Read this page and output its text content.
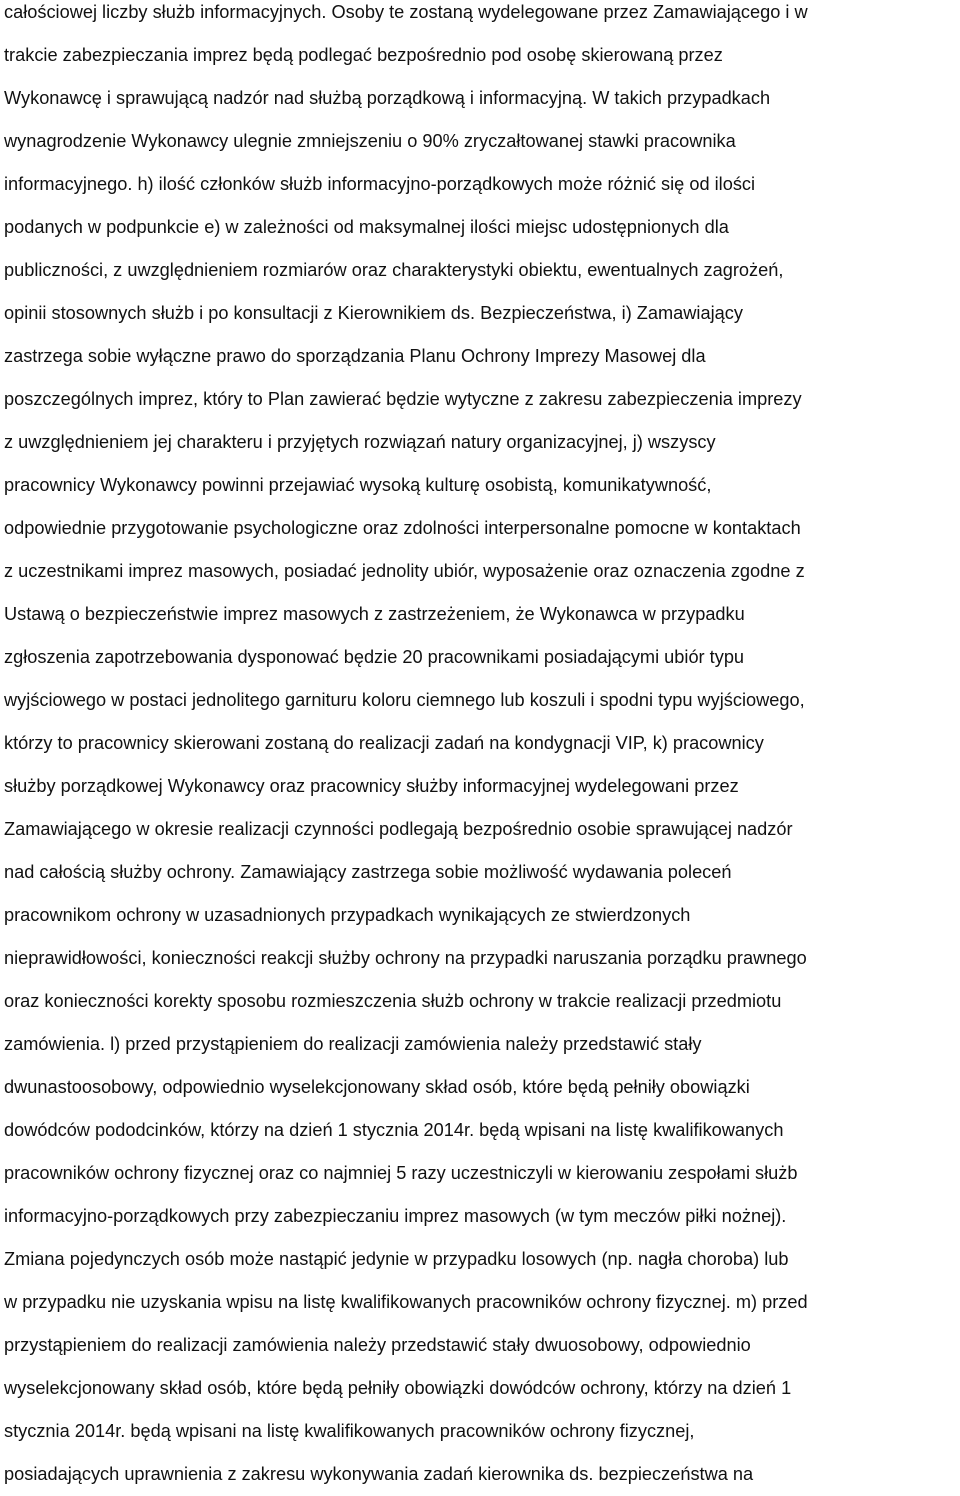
całościowej liczby służb informacyjnych. Osoby te zostaną wydelegowane przez Zamawiającego i w
trakcie zabezpieczania imprez będą podlegać bezpośrednio pod osobę skierowaną przez
Wykonawcę i sprawującą nadzór nad służbą porządkową i informacyjną. W takich przypadkach
wynagrodzenie Wykonawcy ulegnie zmniejszeniu o 90% zryczałtowanej stawki pracownika
informacyjnego. h) ilość członków służb informacyjno-porządkowych może różnić się od ilości
podanych w podpunkcie e) w zależności od maksymalnej ilości miejsc udostępnionych dla
publiczności, z uwzględnieniem rozmiarów oraz charakterystyki obiektu, ewentualnych zagrożeń,
opinii stosownych służb i po konsultacji z Kierownikiem ds. Bezpieczeństwa, i) Zamawiający
zastrzega sobie wyłączne prawo do sporządzania Planu Ochrony Imprezy Masowej dla
poszczególnych imprez, który to Plan zawierać będzie wytyczne z zakresu zabezpieczenia imprezy
z uwzględnieniem jej charakteru i przyjętych rozwiązań natury organizacyjnej, j) wszyscy
pracownicy Wykonawcy powinni przejawiać wysoką kulturę osobistą, komunikatywność,
odpowiednie przygotowanie psychologiczne oraz zdolności interpersonalne pomocne w kontaktach
z uczestnikami imprez masowych, posiadać jednolity ubiór, wyposażenie oraz oznaczenia zgodne z
Ustawą o bezpieczeństwie imprez masowych z zastrzeżeniem, że Wykonawca w przypadku
zgłoszenia zapotrzebowania dysponować będzie 20 pracownikami posiadającymi ubiór typu
wyjściowego w postaci jednolitego garnituru koloru ciemnego lub koszuli i spodni typu wyjściowego,
którzy to pracownicy skierowani zostaną do realizacji zadań na kondygnacji VIP, k) pracownicy
służby porządkowej Wykonawcy oraz pracownicy służby informacyjnej wydelegowani przez
Zamawiającego w okresie realizacji czynności podlegają bezpośrednio osobie sprawującej nadzór
nad całością służby ochrony. Zamawiający zastrzega sobie możliwość wydawania poleceń
pracownikom ochrony w uzasadnionych przypadkach wynikających ze stwierdzonych
nieprawidłowości, konieczności reakcji służby ochrony na przypadki naruszania porządku prawnego
oraz konieczności korekty sposobu rozmieszczenia służb ochrony w trakcie realizacji przedmiotu
zamówienia. l) przed przystąpieniem do realizacji zamówienia należy przedstawić stały
dwunastoosobowy, odpowiednio wyselekcjonowany skład osób, które będą pełniły obowiązki
dowódców pododcinków, którzy na dzień 1 stycznia 2014r. będą wpisani na listę kwalifikowanych
pracowników ochrony fizycznej oraz co najmniej 5 razy uczestniczyli w kierowaniu zespołami służb
informacyjno-porządkowych przy zabezpieczaniu imprez masowych (w tym meczów piłki nożnej).
Zmiana pojedynczych osób może nastąpić jedynie w przypadku losowych (np. nagła choroba) lub
w przypadku nie uzyskania wpisu na listę kwalifikowanych pracowników ochrony fizycznej. m) przed
przystąpieniem do realizacji zamówienia należy przedstawić stały dwuosobowy, odpowiednio
wyselekcjonowany skład osób, które będą pełniły obowiązki dowódców ochrony, którzy na dzień 1
stycznia 2014r. będą wpisani na listę kwalifikowanych pracowników ochrony fizycznej,
posiadających uprawnienia z zakresu wykonywania zadań kierownika ds. bezpieczeństwa na
